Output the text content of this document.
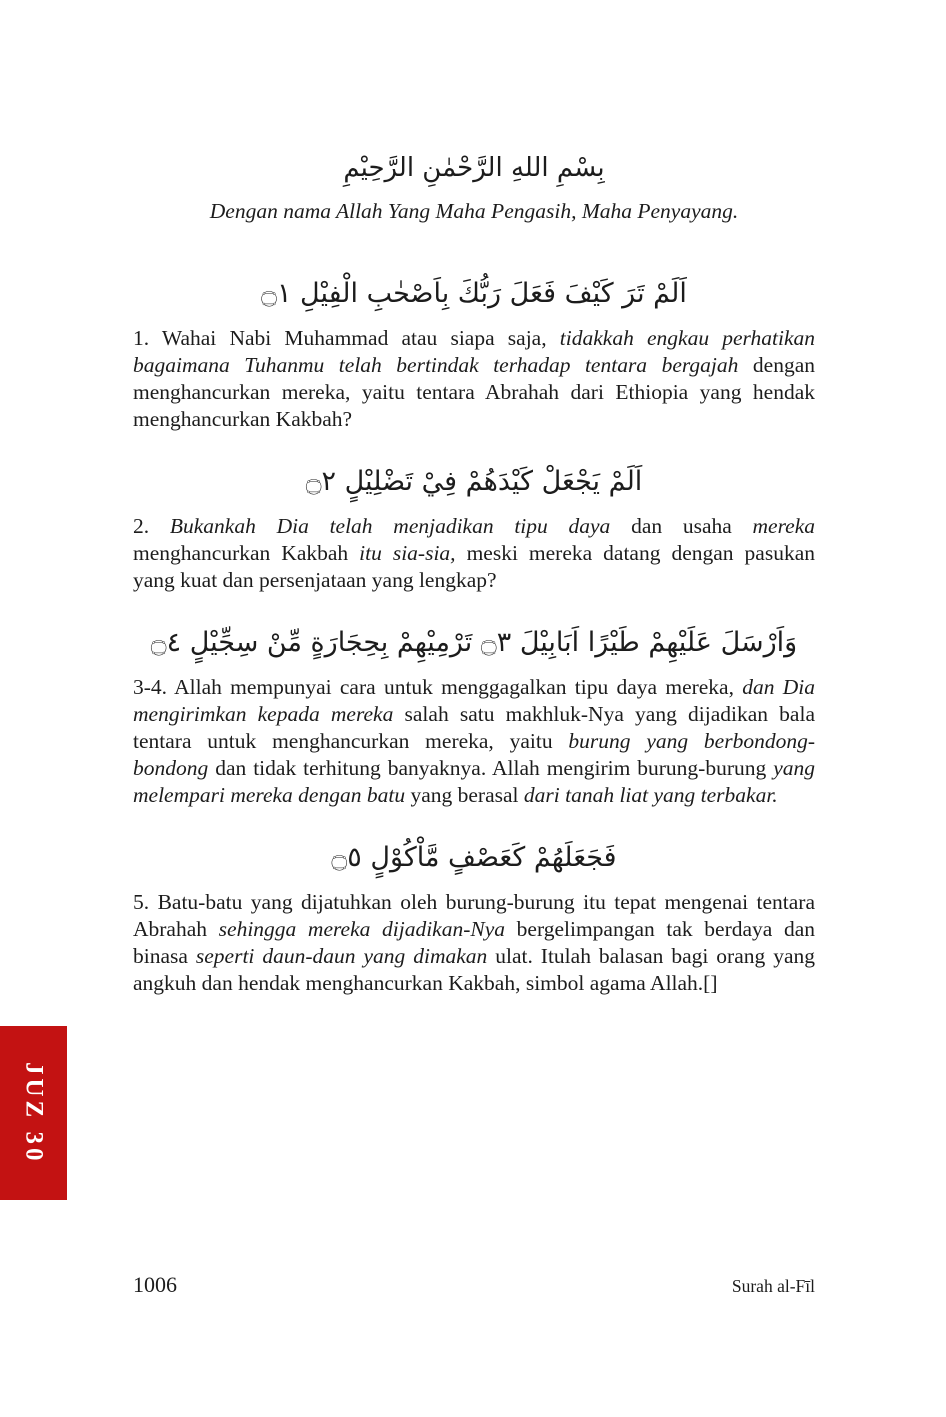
بِسْمِ اللهِ الرَّحْمٰنِ الرَّحِيْمِ
Dengan nama Allah Yang Maha Pengasih, Maha Penyayang.
اَلَمْ تَرَ كَيْفَ فَعَلَ رَبُّكَ بِاَصْحٰبِ الْفِيْلِ ۝١

1. Wahai Nabi Muhammad atau siapa saja, tidakkah engkau perhatikan bagaimana Tuhanmu telah bertindak terhadap tentara bergajah dengan menghancurkan mereka, yaitu tentara Abrahah dari Ethiopia yang hendak menghancurkan Kakbah?

اَلَمْ يَجْعَلْ كَيْدَهُمْ فِيْ تَضْلِيْلٍ ۝٢

2. Bukankah Dia telah menjadikan tipu daya dan usaha mereka menghancurkan Kakbah itu sia-sia, meski mereka datang dengan pasukan yang kuat dan persenjataan yang lengkap?

وَاَرْسَلَ عَلَيْهِمْ طَيْرًا اَبَابِيْلَ ۝٣ تَرْمِيْهِمْ بِحِجَارَةٍ مِّنْ سِجِّيْلٍ ۝٤

3-4. Allah mempunyai cara untuk menggagalkan tipu daya mereka, dan Dia mengirimkan kepada mereka salah satu makhluk-Nya yang dijadikan bala tentara untuk menghancurkan mereka, yaitu burung yang berbondong-bondong dan tidak terhitung banyaknya. Allah mengirim burung-burung yang melempari mereka dengan batu yang berasal dari tanah liat yang terbakar.

فَجَعَلَهُمْ كَعَصْفٍ مَّاْكُوْلٍ ۝٥

5. Batu-batu yang dijatuhkan oleh burung-burung itu tepat mengenai tentara Abrahah sehingga mereka dijadikan-Nya bergelimpangan tak berdaya dan binasa seperti daun-daun yang dimakan ulat. Itulah balasan bagi orang yang angkuh dan hendak menghancurkan Kakbah, simbol agama Allah.[]

JUZ 30
1006	Surah al-Fīl
